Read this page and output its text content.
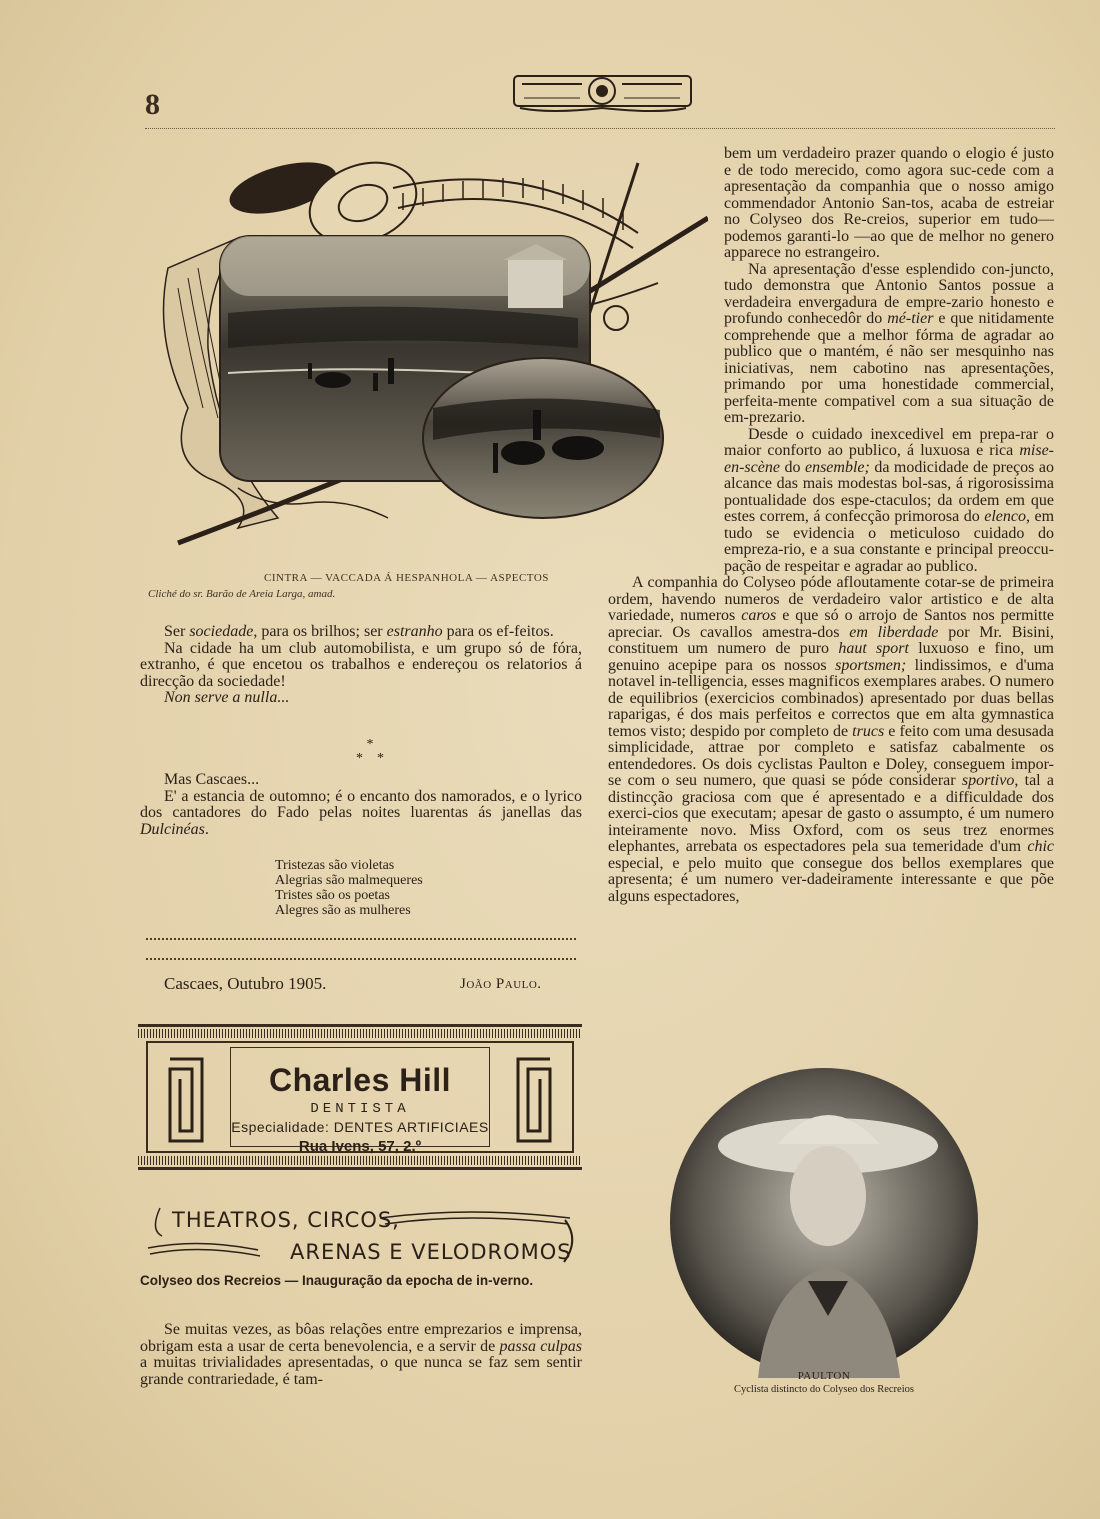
8
CINTRA — VACCADA Á HESPANHOLA — ASPECTOS
Cliché do sr. Barão de Areia Larga, amad.

Ser sociedade, para os brilhos; ser estranho para os ef-feitos.

Na cidade ha um club automobilista, e um grupo só de fóra, extranho, é que encetou os trabalhos e endereçou os relatorios á direcção da sociedade!

Non serve a nulla...

*
*    *

Mas Cascaes...

E' a estancia de outomno; é o encanto dos namorados, e o lyrico dos cantadores do Fado pelas noites luarentas ás janellas das Dulcinéas.

Tristezas são violetas
Alegrias são malmequeres
Tristes são os poetas
Alegres são as mulheres
Cascaes, Outubro 1905.	João Paulo.
Charles Hill
DENTISTA
Especialidade: DENTES ARTIFICIAES
Rua Ivens, 57, 2.º
THEATROS, CIRCOS,
ARENAS E VELODROMOS
Colyseo dos Recreios — Inauguração da epocha de in-verno.

Se muitas vezes, as bôas relações entre emprezarios e imprensa, obrigam esta a usar de certa benevolencia, e a servir de passa culpas a muitas trivialidades apresentadas, o que nunca se faz sem sentir grande contrariedade, é tam-

bem um verdadeiro prazer quando o elogio é justo e de todo merecido, como agora suc-cede com a apresentação da companhia que o nosso amigo commendador Antonio San-tos, acaba de estreiar no Colyseo dos Re-creios, superior em tudo—podemos garanti-lo —ao que de melhor no genero apparece no estrangeiro.

Na apresentação d'esse esplendido con-juncto, tudo demonstra que Antonio Santos possue a verdadeira envergadura de empre-zario honesto e profundo conhecedôr do mé-tier e que nitidamente comprehende que a melhor fórma de agradar ao publico que o mantém, é não ser mesquinho nas iniciativas, nem cabotino nas apresentações, primando por uma honestidade commercial, perfeita-mente compativel com a sua situação de em-prezario.

Desde o cuidado inexcedivel em prepa-rar o maior conforto ao publico, á luxuosa e rica mise-en-scène do ensemble; da modicidade de preços ao alcance das mais modestas bol-sas, á rigorosissima pontualidade dos espe-ctaculos; da ordem em que estes correm, á confecção primorosa do elenco, em tudo se evidencia o meticuloso cuidado do empreza-rio, e a sua constante e principal preoccu-pação de respeitar e agradar ao publico.

A companhia do Colyseo póde afloutamente cotar-se de primeira ordem, havendo numeros de verdadeiro valor artistico e de alta variedade, numeros caros e que só o arrojo de Santos nos permitte apreciar. Os cavallos amestra-dos em liberdade por Mr. Bisini, constituem um numero de puro haut sport luxuoso e fino, um genuino acepipe para os nossos sportsmen; lindissimos, e d'uma notavel in-telligencia, esses magnificos exemplares arabes. O numero de equilibrios (exercicios combinados) apresentado por duas bellas raparigas, é dos mais perfeitos e correctos que em alta gymnastica temos visto; despido por completo de trucs e feito com uma desusada simplicidade, attrae por completo e satisfaz cabalmente os entendedores. Os dois cyclistas Paulton e Doley, conseguem impor-se com o seu numero, que quasi se póde considerar sportivo, tal a distincção graciosa com que é apresentado e a difficuldade dos exerci-cios que executam; apesar de gasto o assumpto, é um numero inteiramente novo. Miss Oxford, com os seus trez enormes elephantes, arrebata os espectadores pela sua temeridade d'um chic especial, e pelo muito que consegue dos bellos exemplares que apresenta; é um numero ver-dadeiramente interessante e que põe alguns espectadores,

PAULTON
Cyclista distincto do Colyseo dos Recreios
